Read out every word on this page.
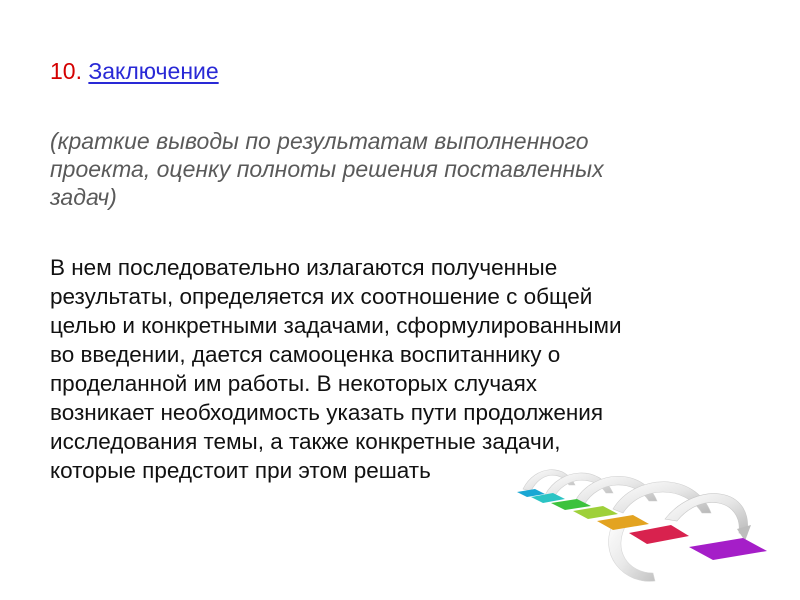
10. Заключение
(краткие выводы по результатам выполненного
проекта, оценку полноты решения поставленных
задач)
В нем последовательно излагаются полученные
результаты, определяется их соотношение с общей
целью и конкретными задачами, сформулированными
во введении, дается самооценка воспитаннику о
проделанной им работы. В некоторых случаях
возникает необходимость указать пути продолжения
исследования темы, а также конкретные задачи,
которые предстоит при этом решать
